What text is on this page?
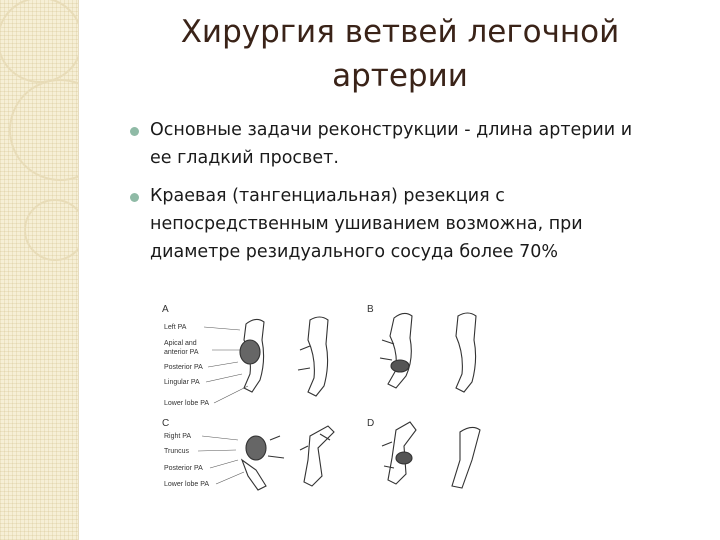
Хирургия ветвей легочной
артерии
Основные задачи реконструкции - длина артерии и
ее гладкий просвет.
Краевая (тангенциальная) резекция с
непосредственным ушиванием возможна, при
диаметре резидуального сосуда более 70%
A	B
C	D
Left PA
Apical and
anterior PA
Posterior PA
Lingular PA
Lower lobe PA
Right PA
Truncus
Posterior PA
Lower lobe PA
